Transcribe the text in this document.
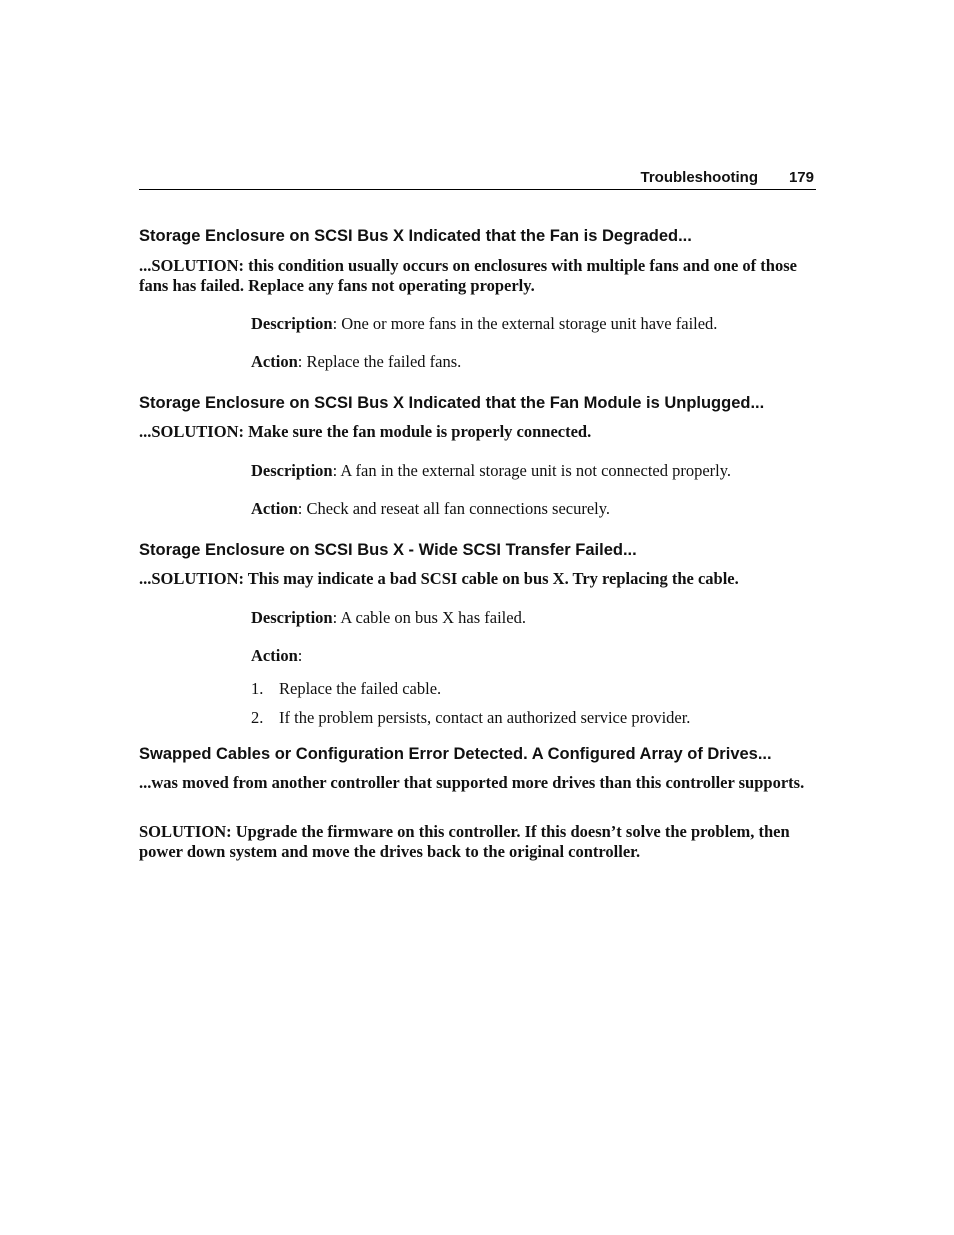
Troubleshooting 179
Storage Enclosure on SCSI Bus X Indicated that the Fan is Degraded...

...SOLUTION: this condition usually occurs on enclosures with multiple fans and one of those fans has failed. Replace any fans not operating properly.

Description: One or more fans in the external storage unit have failed.
Action: Replace the failed fans.
Storage Enclosure on SCSI Bus X Indicated that the Fan Module is Unplugged...

...SOLUTION: Make sure the fan module is properly connected.

Description: A fan in the external storage unit is not connected properly.
Action: Check and reseat all fan connections securely.
Storage Enclosure on SCSI Bus X - Wide SCSI Transfer Failed...

...SOLUTION: This may indicate a bad SCSI cable on bus X. Try replacing the cable.

Description: A cable on bus X has failed.
Action:
1. Replace the failed cable.
2. If the problem persists, contact an authorized service provider.
Swapped Cables or Configuration Error Detected. A Configured Array of Drives...

...was moved from another controller that supported more drives than this controller supports.

SOLUTION: Upgrade the firmware on this controller. If this doesn’t solve the problem, then power down system and move the drives back to the original controller.
